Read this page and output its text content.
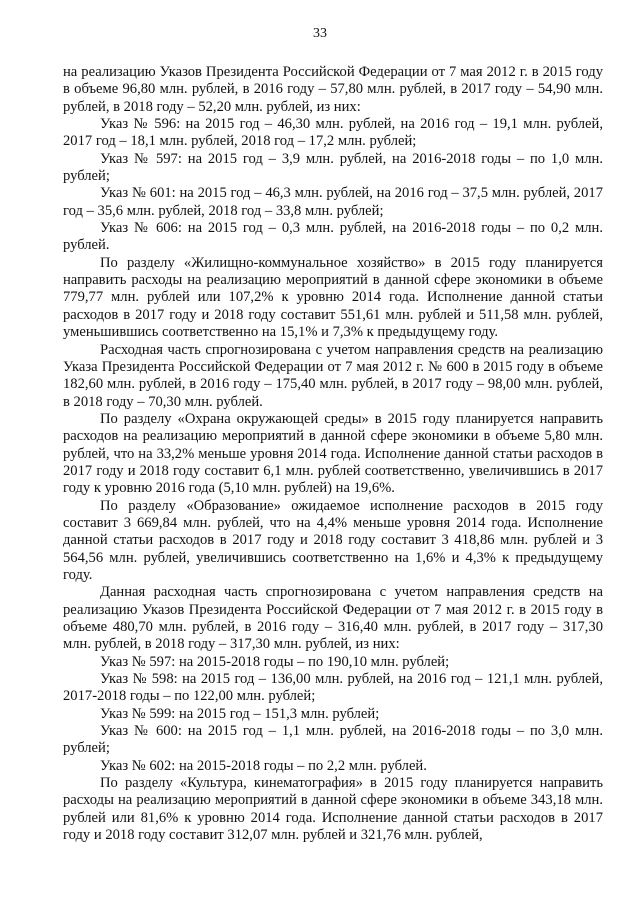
33

на реализацию Указов Президента Российской Федерации от 7 мая 2012 г. в 2015 году в объеме 96,80 млн. рублей, в 2016 году – 57,80 млн. рублей, в 2017 году – 54,90 млн. рублей, в 2018 году – 52,20 млн. рублей, из них:

Указ № 596: на 2015 год – 46,30 млн. рублей, на 2016 год – 19,1 млн. рублей, 2017 год – 18,1 млн. рублей, 2018 год – 17,2 млн. рублей;

Указ № 597: на 2015 год – 3,9 млн. рублей, на 2016-2018 годы – по 1,0 млн. рублей;

Указ № 601: на 2015 год – 46,3 млн. рублей, на 2016 год – 37,5 млн. рублей, 2017 год – 35,6 млн. рублей, 2018 год – 33,8 млн. рублей;

Указ № 606: на 2015 год – 0,3 млн. рублей, на 2016-2018 годы – по 0,2 млн. рублей.

По разделу «Жилищно-коммунальное хозяйство» в 2015 году планируется направить расходы на реализацию мероприятий в данной сфере экономики в объеме 779,77 млн. рублей или 107,2% к уровню 2014 года. Исполнение данной статьи расходов в 2017 году и 2018 году составит 551,61 млн. рублей и 511,58 млн. рублей, уменьшившись соответственно на 15,1% и 7,3% к предыдущему году.

Расходная часть спрогнозирована с учетом направления средств на реализацию Указа Президента Российской Федерации от 7 мая 2012 г. № 600 в 2015 году в объеме 182,60 млн. рублей, в 2016 году – 175,40 млн. рублей, в 2017 году – 98,00 млн. рублей, в 2018 году – 70,30 млн. рублей.

По разделу «Охрана окружающей среды» в 2015 году планируется направить расходов на реализацию мероприятий в данной сфере экономики в объеме 5,80 млн. рублей, что на 33,2% меньше уровня 2014 года. Исполнение данной статьи расходов в 2017 году и 2018 году составит 6,1 млн. рублей соответственно, увеличившись в 2017 году к уровню 2016 года (5,10 млн. рублей) на 19,6%.

По разделу «Образование» ожидаемое исполнение расходов в 2015 году составит 3 669,84 млн. рублей, что на 4,4% меньше уровня 2014 года. Исполнение данной статьи расходов в 2017 году и 2018 году составит 3 418,86 млн. рублей и 3 564,56 млн. рублей, увеличившись соответственно на 1,6% и 4,3% к предыдущему году.

Данная расходная часть спрогнозирована с учетом направления средств на реализацию Указов Президента Российской Федерации от 7 мая 2012 г. в 2015 году в объеме 480,70 млн. рублей, в 2016 году – 316,40 млн. рублей, в 2017 году – 317,30 млн. рублей, в 2018 году – 317,30 млн. рублей, из них:

Указ № 597: на 2015-2018 годы – по 190,10 млн. рублей;

Указ № 598: на 2015 год – 136,00 млн. рублей, на 2016 год – 121,1 млн. рублей, 2017-2018 годы – по 122,00 млн. рублей;

Указ № 599: на 2015 год – 151,3 млн. рублей;

Указ № 600: на 2015 год – 1,1 млн. рублей, на 2016-2018 годы – по 3,0 млн. рублей;

Указ № 602: на 2015-2018 годы – по 2,2 млн. рублей.

По разделу «Культура, кинематография» в 2015 году планируется направить расходы на реализацию мероприятий в данной сфере экономики в объеме 343,18 млн. рублей или 81,6% к уровню 2014 года. Исполнение данной статьи расходов в 2017 году и 2018 году составит 312,07 млн. рублей и 321,76 млн. рублей,
